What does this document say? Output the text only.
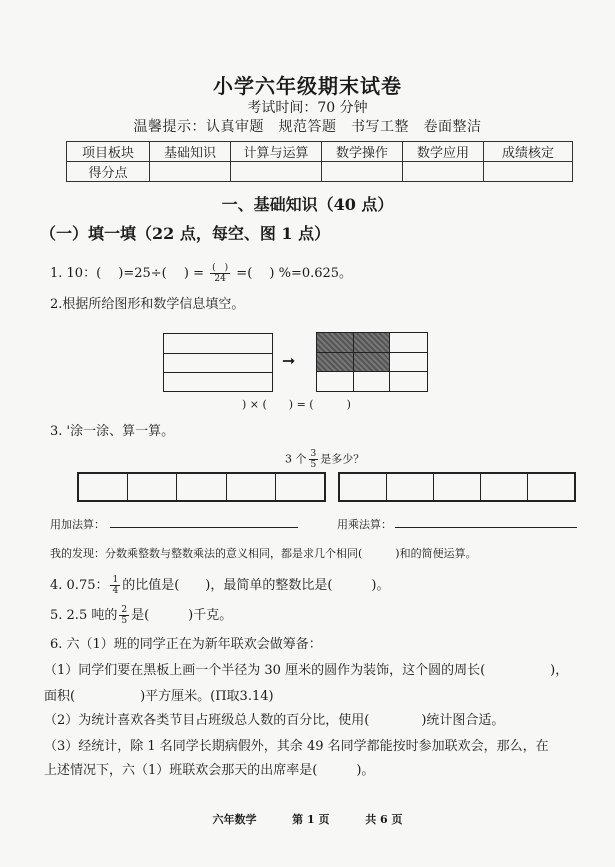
小学六年级期末试卷
考试时间：70 分钟
温馨提示：认真审题　规范答题　书写工整　卷面整洁
项目板块	基础知识	计算与运算	数学操作	数学应用	成绩核定
得分点					
一、基础知识（40 点）
（一）填一填（22 点，每空、图 1 点）
1. 10：(　 )=25÷(　 ) = $\frac{( )}{24}$ =(　 ) %=0.625。
2.根据所给图形和数学信息填空。
➞
) × (　　) = (　　　)
3. '涂一涂、算一算。
3 个 $\frac{3}{5}$ 是多少？
用加法算：	用乘法算：
我的发现：分数乘整数与整数乘法的意义相同，都是求几个相同(　　　)和的简便运算。
4. 0.75： $\frac{1}{4}$ 的比值是(　　)，最简单的整数比是(　　　)。
5. 2.5 吨的 $\frac{2}{5}$ 是(　　　)千克。
6. 六（1）班的同学正在为新年联欢会做筹备：
（1）同学们要在黑板上画一个半径为 30 厘米的圆作为装饰，这个圆的周长(　　　　　)，
面积(　　　　　)平方厘米。(Π取3.14)
（2）为统计喜欢各类节目占班级总人数的百分比，使用(　　　　)统计图合适。
（3）经统计，除 1 名同学长期病假外，其余 49 名同学都能按时参加联欢会，那么，在
上述情况下，六（1）班联欢会那天的出席率是(　　　)。
六年数学	第 1 页	共 6 页
